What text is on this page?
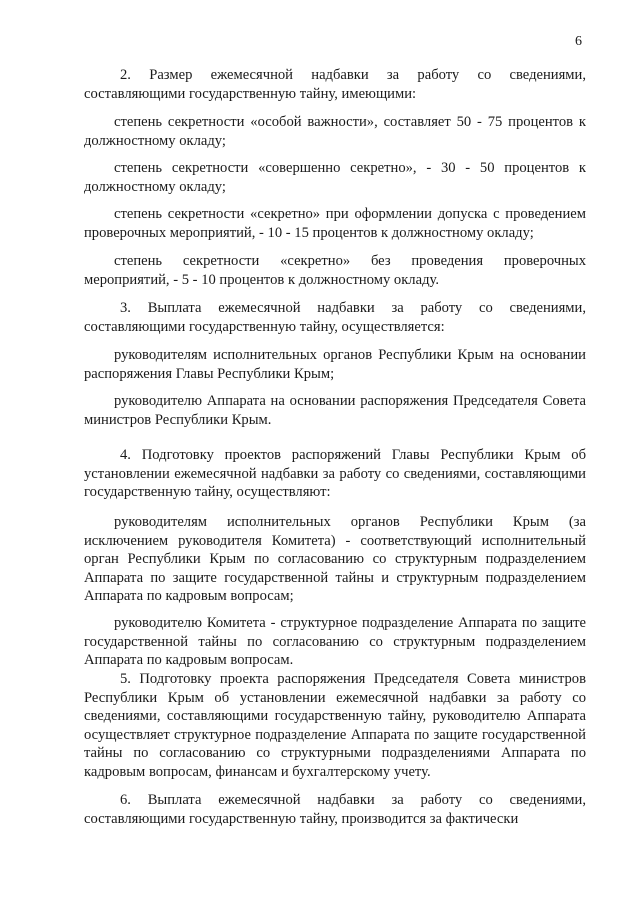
6
2. Размер ежемесячной надбавки за работу со сведениями, составляющими государственную тайну, имеющими:
степень секретности «особой важности», составляет 50 - 75 процентов к должностному окладу;
степень секретности «совершенно секретно», - 30 - 50 процентов к должностному окладу;
степень секретности «секретно» при оформлении допуска с проведением проверочных мероприятий, - 10 - 15 процентов к должностному окладу;
степень секретности «секретно» без проведения проверочных мероприятий, - 5 - 10 процентов к должностному окладу.
3. Выплата ежемесячной надбавки за работу со сведениями, составляющими государственную тайну, осуществляется:
руководителям исполнительных органов Республики Крым на основании распоряжения Главы Республики Крым;
руководителю Аппарата на основании распоряжения Председателя Совета министров Республики Крым.
4. Подготовку проектов распоряжений Главы Республики Крым об установлении ежемесячной надбавки за работу со сведениями, составляющими государственную тайну, осуществляют:
руководителям исполнительных органов Республики Крым (за исключением руководителя Комитета) - соответствующий исполнительный орган Республики Крым по согласованию со структурным подразделением Аппарата по защите государственной тайны и структурным подразделением Аппарата по кадровым вопросам;
руководителю Комитета - структурное подразделение Аппарата по защите государственной тайны по согласованию со структурным подразделением Аппарата по кадровым вопросам.
5. Подготовку проекта распоряжения Председателя Совета министров Республики Крым об установлении ежемесячной надбавки за работу со сведениями, составляющими государственную тайну, руководителю Аппарата осуществляет структурное подразделение Аппарата по защите государственной тайны по согласованию со структурными подразделениями Аппарата по кадровым вопросам, финансам и бухгалтерскому учету.
6. Выплата ежемесячной надбавки за работу со сведениями, составляющими государственную тайну, производится за фактически
